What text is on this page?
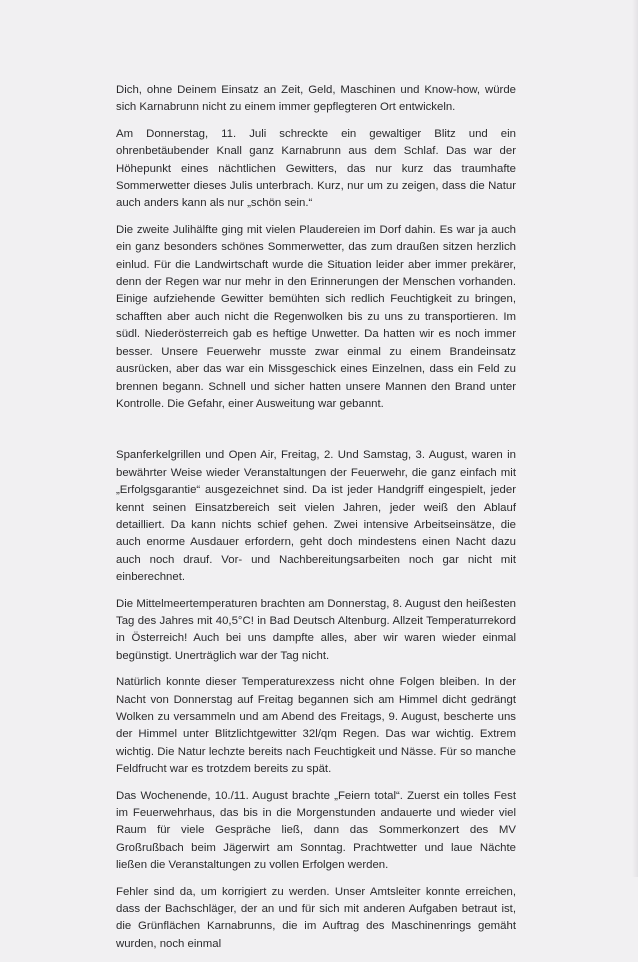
Dich, ohne Deinem Einsatz an Zeit, Geld, Maschinen und Know-how, würde sich Karnabrunn nicht zu einem immer gepflegteren Ort entwickeln.

Am Donnerstag, 11. Juli schreckte ein gewaltiger Blitz und ein ohrenbetäubender Knall ganz Karnabrunn aus dem Schlaf. Das war der Höhepunkt eines nächtlichen Gewitters, das nur kurz das traumhafte Sommerwetter dieses Julis unterbrach. Kurz, nur um zu zeigen, dass die Natur auch anders kann als nur „schön sein.“

Die zweite Julihälfte ging mit vielen Plaudereien im Dorf dahin. Es war ja auch ein ganz besonders schönes Sommerwetter, das zum draußen sitzen herzlich einlud. Für die Landwirtschaft wurde die Situation leider aber immer prekärer, denn der Regen war nur mehr in den Erinnerungen der Menschen vorhanden. Einige aufziehende Gewitter bemühten sich redlich Feuchtigkeit zu bringen, schafften aber auch nicht die Regenwolken bis zu uns zu transportieren. Im südl. Niederösterreich gab es heftige Unwetter. Da hatten wir es noch immer besser. Unsere Feuerwehr musste zwar einmal zu einem Brandeinsatz ausrücken, aber das war ein Missgeschick eines Einzelnen, dass ein Feld zu brennen begann. Schnell und sicher hatten unsere Mannen den Brand unter Kontrolle. Die Gefahr, einer Ausweitung war gebannt.

Spanferkelgrillen und Open Air, Freitag, 2. Und Samstag, 3. August, waren in bewährter Weise wieder Veranstaltungen der Feuerwehr, die ganz einfach mit „Erfolgsgarantie“ ausgezeichnet sind. Da ist jeder Handgriff eingespielt, jeder kennt seinen Einsatzbereich seit vielen Jahren, jeder weiß den Ablauf detailliert. Da kann nichts schief gehen. Zwei intensive Arbeitseinsätze, die auch enorme Ausdauer erfordern, geht doch mindestens einen Nacht dazu auch noch drauf. Vor- und Nachbereitungsarbeiten noch gar nicht mit einberechnet.

Die Mittelmeertemperaturen brachten am Donnerstag, 8. August den heißesten Tag des Jahres mit 40,5°C! in Bad Deutsch Altenburg. Allzeit Temperaturrekord in Österreich! Auch bei uns dampfte alles, aber wir waren wieder einmal begünstigt. Unerträglich war der Tag nicht.

Natürlich konnte dieser Temperaturexzess nicht ohne Folgen bleiben. In der Nacht von Donnerstag auf Freitag begannen sich am Himmel dicht gedrängt Wolken zu versammeln und am Abend des Freitags, 9. August, bescherte uns der Himmel unter Blitzlichtgewitter 32l/qm Regen. Das war wichtig. Extrem wichtig. Die Natur lechzte bereits nach Feuchtigkeit und Nässe. Für so manche Feldfrucht war es trotzdem bereits zu spät.

Das Wochenende, 10./11. August brachte „Feiern total“. Zuerst ein tolles Fest im Feuerwehrhaus, das bis in die Morgenstunden andauerte und wieder viel Raum für viele Gespräche ließ, dann das Sommerkonzert des MV Großrußbach beim Jägerwirt am Sonntag. Prachtwetter und laue Nächte ließen die Veranstaltungen zu vollen Erfolgen werden.

Fehler sind da, um korrigiert zu werden. Unser Amtsleiter konnte erreichen, dass der Bachschläger, der an und für sich mit anderen Aufgaben betraut ist, die Grünflächen Karnabrunns, die im Auftrag des Maschinenrings gemäht wurden, noch einmal
